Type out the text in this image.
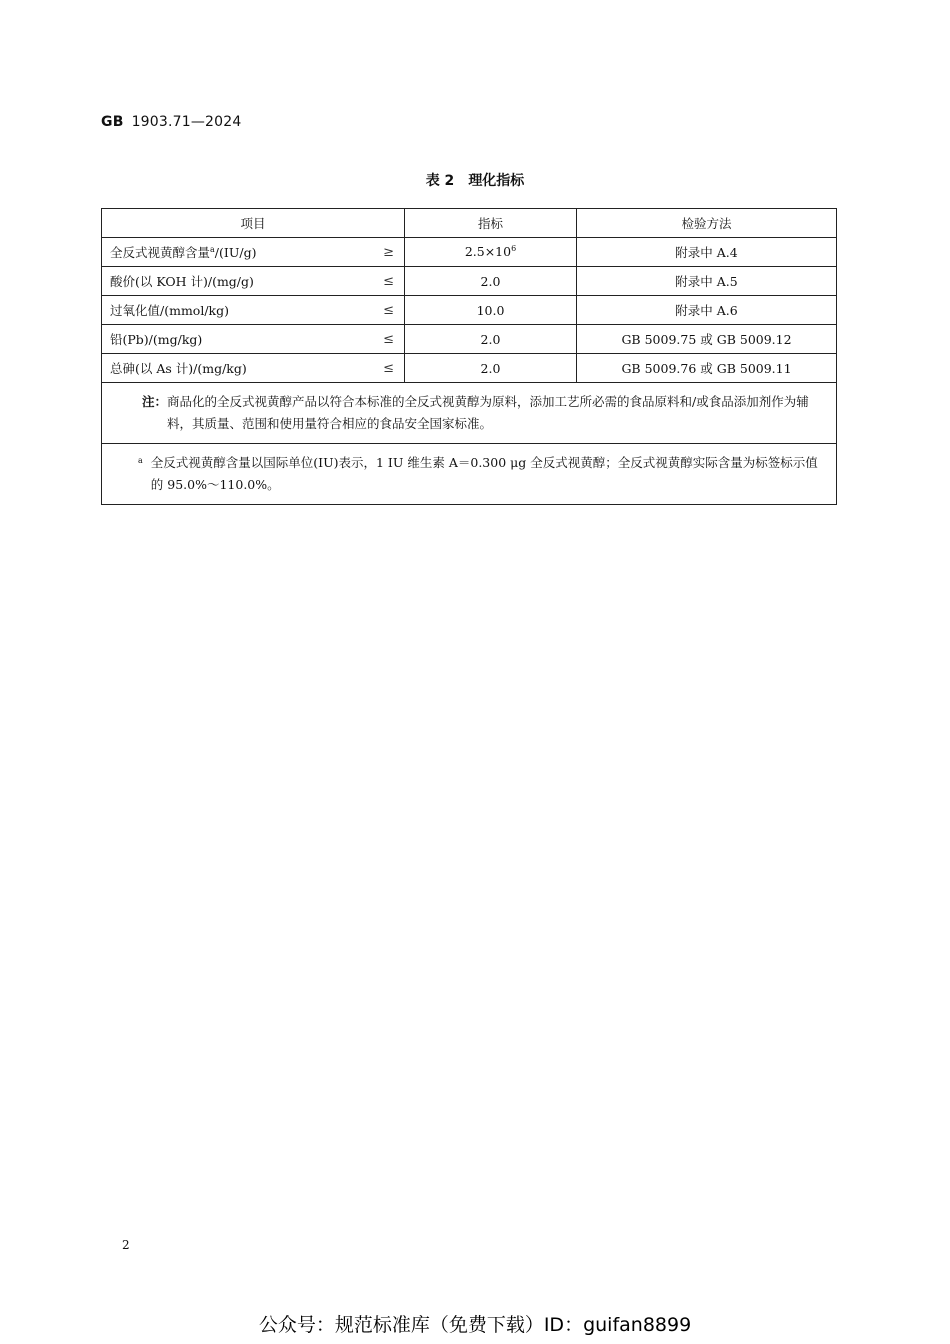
GB 1903.71—2024
表 2 理化指标
项目	指标	检验方法

全反式视黄醇含量$^a$/(IU/g) ≥	$2.5\times 10^6$	附录中 A.4

酸价(以 KOH 计)/(mg/g) ≤	2.0	附录中 A.5

过氧化值/(mmol/kg) ≤	10.0	附录中 A.6

铅(Pb)/(mg/kg) ≤	2.0	GB 5009.75 或 GB 5009.12

总砷(以 As 计)/(mg/kg) ≤	2.0	GB 5009.76 或 GB 5009.11

注： 商品化的全反式视黄醇产品以符合本标准的全反式视黄醇为原料，添加工艺所必需的食品原料和/或食品添加剂作为辅料，其质量、范围和使用量符合相应的食品安全国家标准。		

a 全反式视黄醇含量以国际单位(IU)表示，1 IU 维生素 A＝0.300 μg 全反式视黄醇；全反式视黄醇实际含量为标签标示值的 95.0%～110.0%。		
2
公众号：规范标准库（免费下载）ID：guifan8899
